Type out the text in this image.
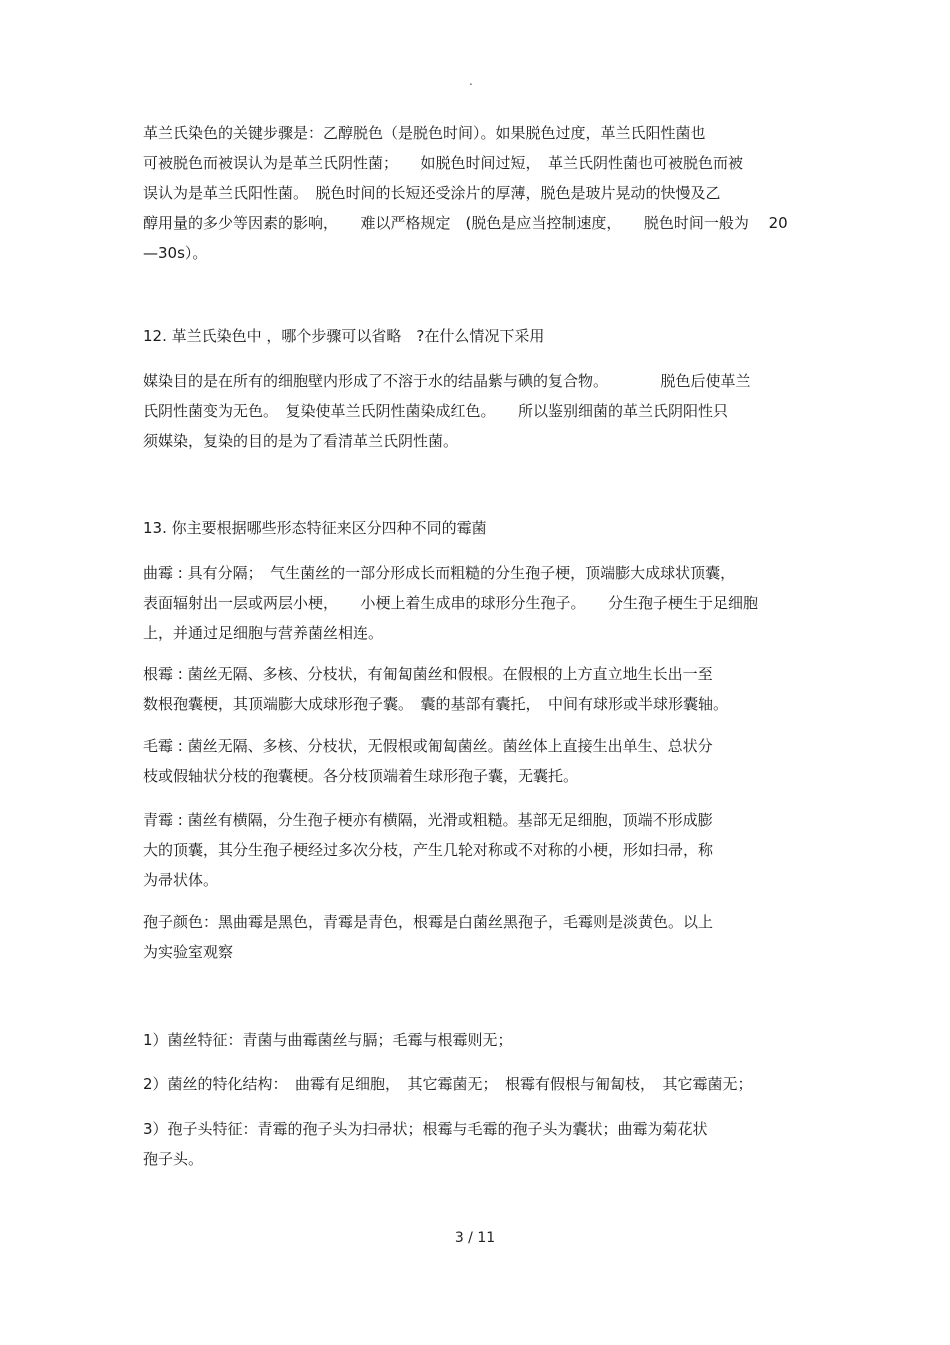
.
革兰氏染色的关键步骤是：乙醇脱色（是脱色时间）。如果脱色过度，革兰氏阳性菌也
可被脱色而被误认为是革兰氏阴性菌；　　如脱色时间过短，　革兰氏阴性菌也可被脱色而被
误认为是革兰氏阳性菌。　脱色时间的长短还受涂片的厚薄，脱色是玻片晃动的快慢及乙
醇用量的多少等因素的影响，　　难以严格规定　(脱色是应当控制速度，　　脱色时间一般为　 20
—30s）。
12. 革兰氏染色中 ，哪个步骤可以省略　?在什么情况下采用
媒染目的是在所有的细胞壁内形成了不溶于水的结晶紫与碘的复合物。　　　　脱色后使革兰
氏阴性菌变为无色。　复染使革兰氏阴性菌染成红色。　　所以鉴别细菌的革兰氏阴阳性只
须媒染，复染的目的是为了看清革兰氏阴性菌。
13. 你主要根据哪些形态特征来区分四种不同的霉菌
曲霉 : 具有分隔；　气生菌丝的一部分形成长而粗糙的分生孢子梗，顶端膨大成球状顶囊，
表面辐射出一层或两层小梗，　　小梗上着生成串的球形分生孢子。　　分生孢子梗生于足细胞
上，并通过足细胞与营养菌丝相连。
根霉 : 菌丝无隔、多核、分枝状，有匍匐菌丝和假根。在假根的上方直立地生长出一至
数根孢囊梗，其顶端膨大成球形孢子囊。　囊的基部有囊托，　中间有球形或半球形囊轴。
毛霉 : 菌丝无隔、多核、分枝状，无假根或匍匐菌丝。菌丝体上直接生出单生、总状分
枝或假轴状分枝的孢囊梗。各分枝顶端着生球形孢子囊，无囊托。
青霉 : 菌丝有横隔，分生孢子梗亦有横隔，光滑或粗糙。基部无足细胞，顶端不形成膨
大的顶囊，其分生孢子梗经过多次分枝，产生几轮对称或不对称的小梗，形如扫帚，称
为帚状体。
孢子颜色：黑曲霉是黑色，青霉是青色，根霉是白菌丝黑孢子，毛霉则是淡黄色。以上
为实验室观察
1）菌丝特征：青菌与曲霉菌丝与膈；毛霉与根霉则无；
2）菌丝的特化结构：　曲霉有足细胞，　其它霉菌无；　根霉有假根与匍匐枝，　其它霉菌无；
3）孢子头特征：青霉的孢子头为扫帚状；根霉与毛霉的孢子头为囊状；曲霉为菊花状
孢子头。
3 / 11
